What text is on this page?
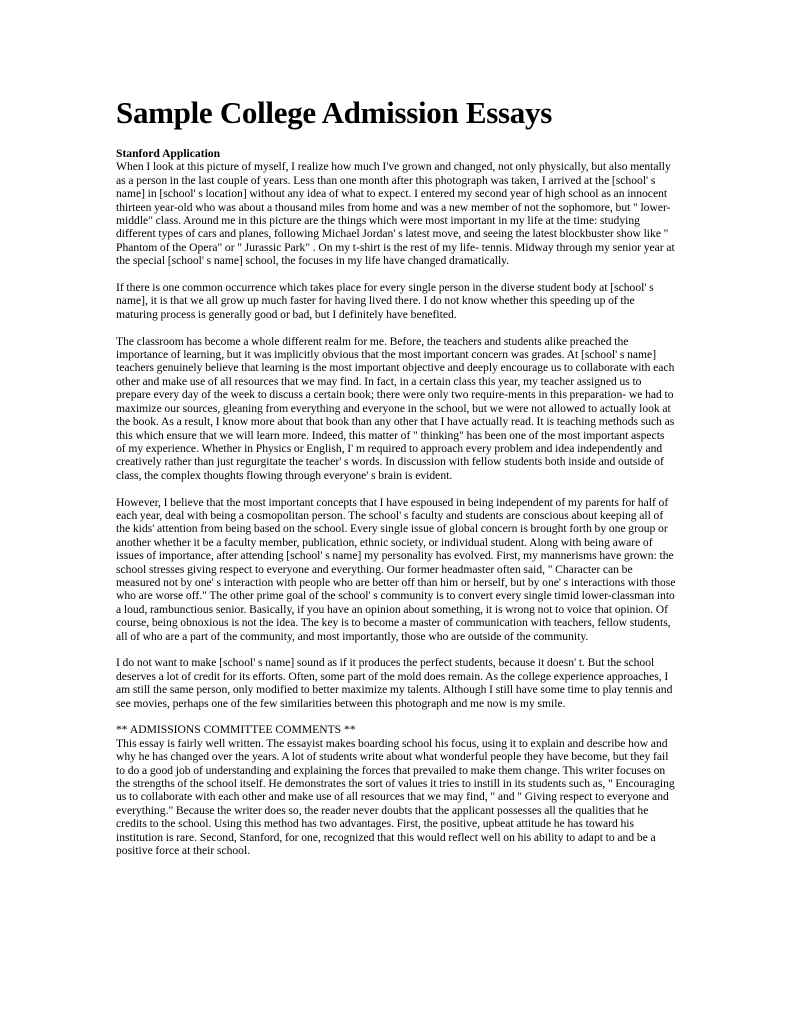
Sample College Admission Essays

Stanford Application

When I look at this picture of myself, I realize how much I've grown and changed, not only physically, but also mentally as a person in the last couple of years. Less than one month after this photograph was taken, I arrived at the [school' s name] in [school' s location] without any idea of what to expect. I entered my second year of high school as an innocent thirteen year-old who was about a thousand miles from home and was a new member of not the sophomore, but " lower-middle" class. Around me in this picture are the things which were most important in my life at the time: studying different types of cars and planes, following Michael Jordan' s latest move, and seeing the latest blockbuster show like " Phantom of the Opera" or " Jurassic Park" . On my t-shirt is the rest of my life- tennis. Midway through my senior year at the special [school' s name] school, the focuses in my life have changed dramatically.

If there is one common occurrence which takes place for every single person in the diverse student body at [school' s name], it is that we all grow up much faster for having lived there. I do not know whether this speeding up of the maturing process is generally good or bad, but I definitely have benefited.

The classroom has become a whole different realm for me. Before, the teachers and students alike preached the importance of learning, but it was implicitly obvious that the most important concern was grades. At [school' s name] teachers genuinely believe that learning is the most important objective and deeply encourage us to collaborate with each other and make use of all resources that we may find. In fact, in a certain class this year, my teacher assigned us to prepare every day of the week to discuss a certain book; there were only two require-ments in this preparation- we had to maximize our sources, gleaning from everything and everyone in the school, but we were not allowed to actually look at the book. As a result, I know more about that book than any other that I have actually read. It is teaching methods such as this which ensure that we will learn more. Indeed, this matter of " thinking" has been one of the most important aspects of my experience. Whether in Physics or English, I' m required to approach every problem and idea independently and creatively rather than just regurgitate the teacher' s words. In discussion with fellow students both inside and outside of class, the complex thoughts flowing through everyone' s brain is evident.

However, I believe that the most important concepts that I have espoused in being independent of my parents for half of each year, deal with being a cosmopolitan person. The school' s faculty and students are conscious about keeping all of the kids' attention from being based on the school. Every single issue of global concern is brought forth by one group or another whether it be a faculty member, publication, ethnic society, or individual student. Along with being aware of issues of importance, after attending [school' s name] my personality has evolved. First, my mannerisms have grown: the school stresses giving respect to everyone and everything. Our former headmaster often said, " Character can be measured not by one' s interaction with people who are better off than him or herself, but by one' s interactions with those who are worse off." The other prime goal of the school' s community is to convert every single timid lower-classman into a loud, rambunctious senior. Basically, if you have an opinion about something, it is wrong not to voice that opinion. Of course, being obnoxious is not the idea. The key is to become a master of communication with teachers, fellow students, all of who are a part of the community, and most importantly, those who are outside of the community.

I do not want to make [school' s name] sound as if it produces the perfect students, because it doesn' t. But the school deserves a lot of credit for its efforts. Often, some part of the mold does remain. As the college experience approaches, I am still the same person, only modified to better maximize my talents. Although I still have some time to play tennis and see movies, perhaps one of the few similarities between this photograph and me now is my smile.

** ADMISSIONS COMMITTEE COMMENTS **

This essay is fairly well written. The essayist makes boarding school his focus, using it to explain and describe how and why he has changed over the years. A lot of students write about what wonderful people they have become, but they fail to do a good job of understanding and explaining the forces that prevailed to make them change. This writer focuses on the strengths of the school itself. He demonstrates the sort of values it tries to instill in its students such as, " Encouraging us to collaborate with each other and make use of all resources that we may find, " and " Giving respect to everyone and everything." Because the writer does so, the reader never doubts that the applicant possesses all the qualities that he credits to the school. Using this method has two advantages. First, the positive, upbeat attitude he has toward his institution is rare. Second, Stanford, for one, recognized that this would reflect well on his ability to adapt to and be a positive force at their school.
